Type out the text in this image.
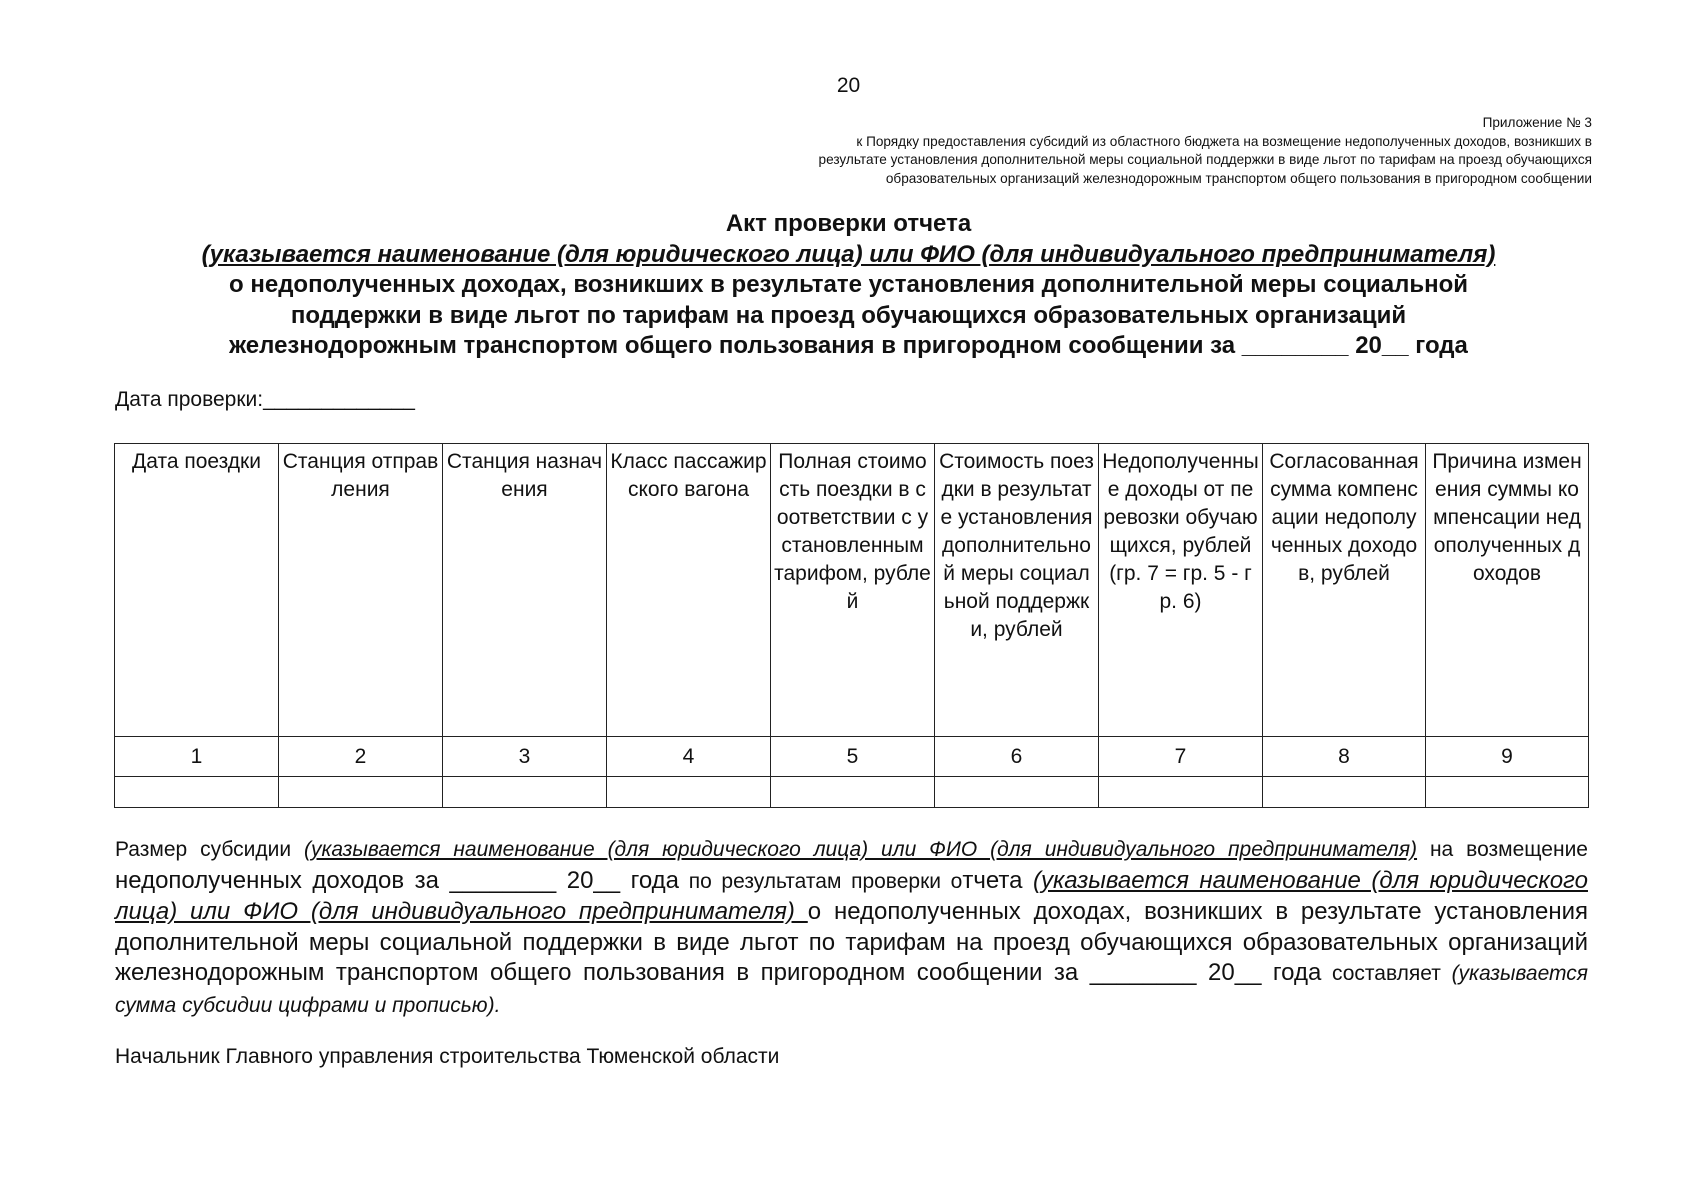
20
Приложение № 3
к Порядку предоставления субсидий из областного бюджета на возмещение недополученных доходов, возникших в
результате установления дополнительной меры социальной поддержки в виде льгот по тарифам на проезд обучающихся
образовательных организаций железнодорожным транспортом общего пользования в пригородном сообщении
Акт проверки отчета
(указывается наименование (для юридического лица) или ФИО (для индивидуального предпринимателя)
о недополученных доходах, возникших в результате установления дополнительной меры социальной
поддержки в виде льгот по тарифам на проезд обучающихся образовательных организаций
железнодорожным транспортом общего пользования в пригородном сообщении за ________ 20__ года
Дата проверки:_____________
Дата поездки	Станция отправления	Станция назначения	Класс пассажирского вагона	Полная стоимость поездки в соответствии с установленным тарифом, рублей	Стоимость поездки в результате установления дополнительной меры социальной поддержки, рублей	Недополученные доходы от перевозки обучающихся, рублей (гр. 7 = гр. 5 - гр. 6)	Согласованная сумма компенсации недополученных доходов, рублей	Причина изменения суммы компенсации недополученных доходов
1	2	3	4	5	6	7	8	9

Размер субсидии (указывается наименование (для юридического лица) или ФИО (для индивидуального предпринимателя) на возмещение недополученных доходов за ________ 20__ года по результатам проверки отчета (указывается наименование (для юридического лица) или ФИО (для индивидуального предпринимателя) о недополученных доходах, возникших в результате установления дополнительной меры социальной поддержки в виде льгот по тарифам на проезд обучающихся образовательных организаций железнодорожным транспортом общего пользования в пригородном сообщении за ________ 20__ года составляет (указывается сумма субсидии цифрами и прописью).
Начальник Главного управления строительства Тюменской области
